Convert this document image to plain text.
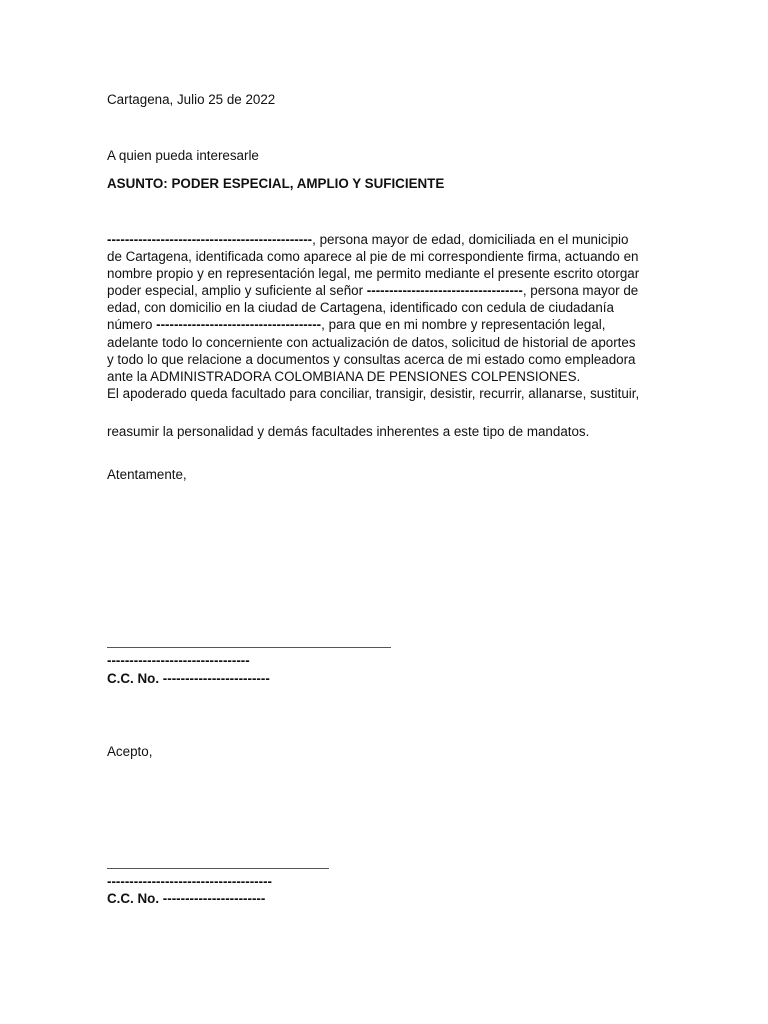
Cartagena, Julio 25 de 2022
A quien pueda interesarle
ASUNTO: PODER ESPECIAL, AMPLIO Y SUFICIENTE
----------------------------------------------, persona mayor de edad, domiciliada en el municipio
de Cartagena, identificada como aparece al pie de mi correspondiente firma, actuando en
nombre propio y en representación legal, me permito mediante el presente escrito otorgar
poder especial, amplio y suficiente al señor -----------------------------------, persona mayor de
edad, con domicilio en la ciudad de Cartagena, identificado con cedula de ciudadanía
número -------------------------------------, para que en mi nombre y representación legal,
adelante todo lo concerniente con actualización de datos, solicitud de historial de aportes
y todo lo que relacione a documentos y consultas acerca de mi estado como empleadora
ante la ADMINISTRADORA COLOMBIANA DE PENSIONES COLPENSIONES.
El apoderado queda facultado para conciliar, transigir, desistir, recurrir, allanarse, sustituir,
reasumir la personalidad y demás facultades inherentes a este tipo de mandatos.
Atentamente,
--------------------------------
C.C. No. ------------------------
Acepto,
-------------------------------------
C.C. No. -----------------------
